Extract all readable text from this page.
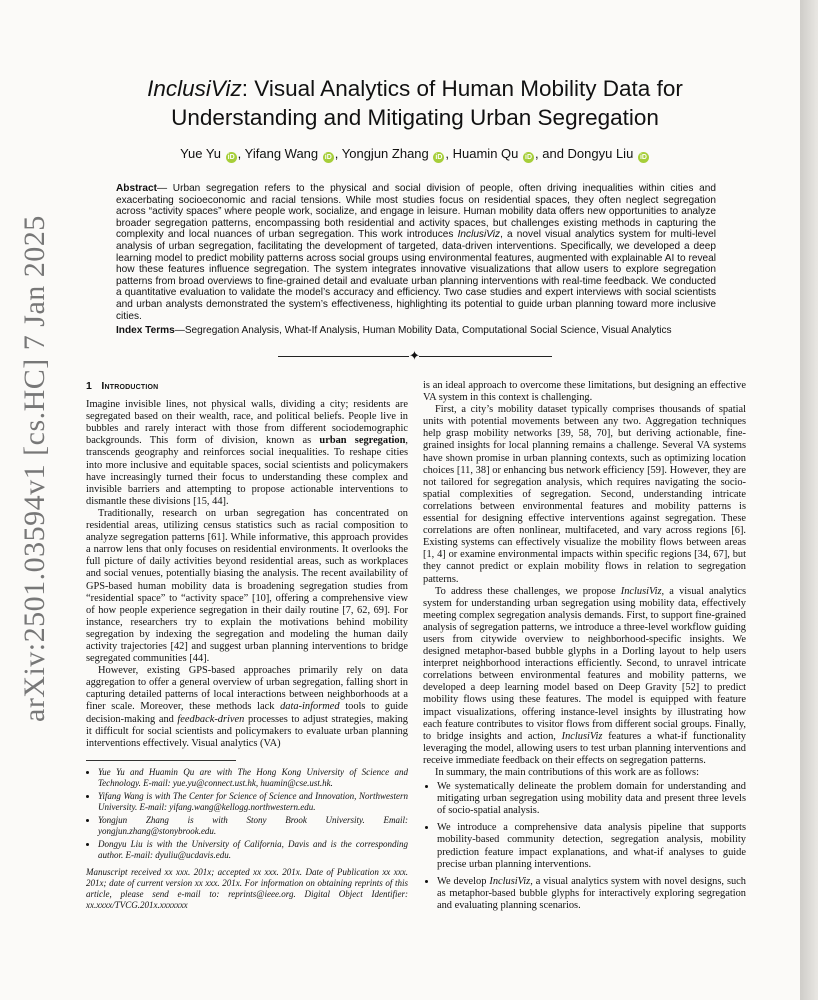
arXiv:2501.03594v1 [cs.HC] 7 Jan 2025
InclusiViz: Visual Analytics of Human Mobility Data for Understanding and Mitigating Urban Segregation
Yue Yu iD , Yifang Wang iD , Yongjun Zhang iD , Huamin Qu iD , and Dongyu Liu iD
Abstract— Urban segregation refers to the physical and social division of people, often driving inequalities within cities and exacerbating socioeconomic and racial tensions. While most studies focus on residential spaces, they often neglect segregation across “activity spaces” where people work, socialize, and engage in leisure. Human mobility data offers new opportunities to analyze broader segregation patterns, encompassing both residential and activity spaces, but challenges existing methods in capturing the complexity and local nuances of urban segregation. This work introduces InclusiViz, a novel visual analytics system for multi-level analysis of urban segregation, facilitating the development of targeted, data-driven interventions. Specifically, we developed a deep learning model to predict mobility patterns across social groups using environmental features, augmented with explainable AI to reveal how these features influence segregation. The system integrates innovative visualizations that allow users to explore segregation patterns from broad overviews to fine-grained detail and evaluate urban planning interventions with real-time feedback. We conducted a quantitative evaluation to validate the model’s accuracy and efficiency. Two case studies and expert interviews with social scientists and urban analysts demonstrated the system’s effectiveness, highlighting its potential to guide urban planning toward more inclusive cities.
Index Terms—Segregation Analysis, What-If Analysis, Human Mobility Data, Computational Social Science, Visual Analytics
✦
1 Introduction

Imagine invisible lines, not physical walls, dividing a city; residents are segregated based on their wealth, race, and political beliefs. People live in bubbles and rarely interact with those from different sociodemographic backgrounds. This form of division, known as urban segregation, transcends geography and reinforces social inequalities. To reshape cities into more inclusive and equitable spaces, social scientists and policymakers have increasingly turned their focus to understanding these complex and invisible barriers and attempting to propose actionable interventions to dismantle these divisions [15, 44].

Traditionally, research on urban segregation has concentrated on residential areas, utilizing census statistics such as racial composition to analyze segregation patterns [61]. While informative, this approach provides a narrow lens that only focuses on residential environments. It overlooks the full picture of daily activities beyond residential areas, such as workplaces and social venues, potentially biasing the analysis. The recent availability of GPS-based human mobility data is broadening segregation studies from “residential space” to “activity space” [10], offering a comprehensive view of how people experience segregation in their daily routine [7, 62, 69]. For instance, researchers try to explain the motivations behind mobility segregation by indexing the segregation and modeling the human daily activity trajectories [42] and suggest urban planning interventions to bridge segregated communities [44].

However, existing GPS-based approaches primarily rely on data aggregation to offer a general overview of urban segregation, falling short in capturing detailed patterns of local interactions between neighborhoods at a finer scale. Moreover, these methods lack data-informed tools to guide decision-making and feedback-driven processes to adjust strategies, making it difficult for social scientists and policymakers to evaluate urban planning interventions effectively. Visual analytics (VA)

• Yue Yu and Huamin Qu are with The Hong Kong University of Science and Technology. E-mail: yue.yu@connect.ust.hk, huamin@cse.ust.hk.
• Yifang Wang is with The Center for Science of Science and Innovation, Northwestern University. E-mail: yifang.wang@kellogg.northwestern.edu.
• Yongjun Zhang is with Stony Brook University. Email: yongjun.zhang@stonybrook.edu.
• Dongyu Liu is with the University of California, Davis and is the corresponding author. E-mail: dyuliu@ucdavis.edu.
Manuscript received xx xxx. 201x; accepted xx xxx. 201x. Date of Publication xx xxx. 201x; date of current version xx xxx. 201x. For information on obtaining reprints of this article, please send e-mail to: reprints@ieee.org. Digital Object Identifier: xx.xxxx/TVCG.201x.xxxxxxx

is an ideal approach to overcome these limitations, but designing an effective VA system in this context is challenging.

First, a city’s mobility dataset typically comprises thousands of spatial units with potential movements between any two. Aggregation techniques help grasp mobility networks [39, 58, 70], but deriving actionable, fine-grained insights for local planning remains a challenge. Several VA systems have shown promise in urban planning contexts, such as optimizing location choices [11, 38] or enhancing bus network efficiency [59]. However, they are not tailored for segregation analysis, which requires navigating the socio-spatial complexities of segregation. Second, understanding intricate correlations between environmental features and mobility patterns is essential for designing effective interventions against segregation. These correlations are often nonlinear, multifaceted, and vary across regions [6]. Existing systems can effectively visualize the mobility flows between areas [1, 4] or examine environmental impacts within specific regions [34, 67], but they cannot predict or explain mobility flows in relation to segregation patterns.

To address these challenges, we propose InclusiViz, a visual analytics system for understanding urban segregation using mobility data, effectively meeting complex segregation analysis demands. First, to support fine-grained analysis of segregation patterns, we introduce a three-level workflow guiding users from citywide overview to neighborhood-specific insights. We designed metaphor-based bubble glyphs in a Dorling layout to help users interpret neighborhood interactions efficiently. Second, to unravel intricate correlations between environmental features and mobility patterns, we developed a deep learning model based on Deep Gravity [52] to predict mobility flows using these features. The model is equipped with feature impact visualizations, offering instance-level insights by illustrating how each feature contributes to visitor flows from different social groups. Finally, to bridge insights and action, InclusiViz features a what-if functionality leveraging the model, allowing users to test urban planning interventions and receive immediate feedback on their effects on segregation patterns.

In summary, the main contributions of this work are as follows:

• We systematically delineate the problem domain for understanding and mitigating urban segregation using mobility data and present three levels of socio-spatial analysis.
• We introduce a comprehensive data analysis pipeline that supports mobility-based community detection, segregation analysis, mobility prediction feature impact explanations, and what-if analyses to guide precise urban planning interventions.
• We develop InclusiViz, a visual analytics system with novel designs, such as metaphor-based bubble glyphs for interactively exploring segregation and evaluating planning scenarios.
